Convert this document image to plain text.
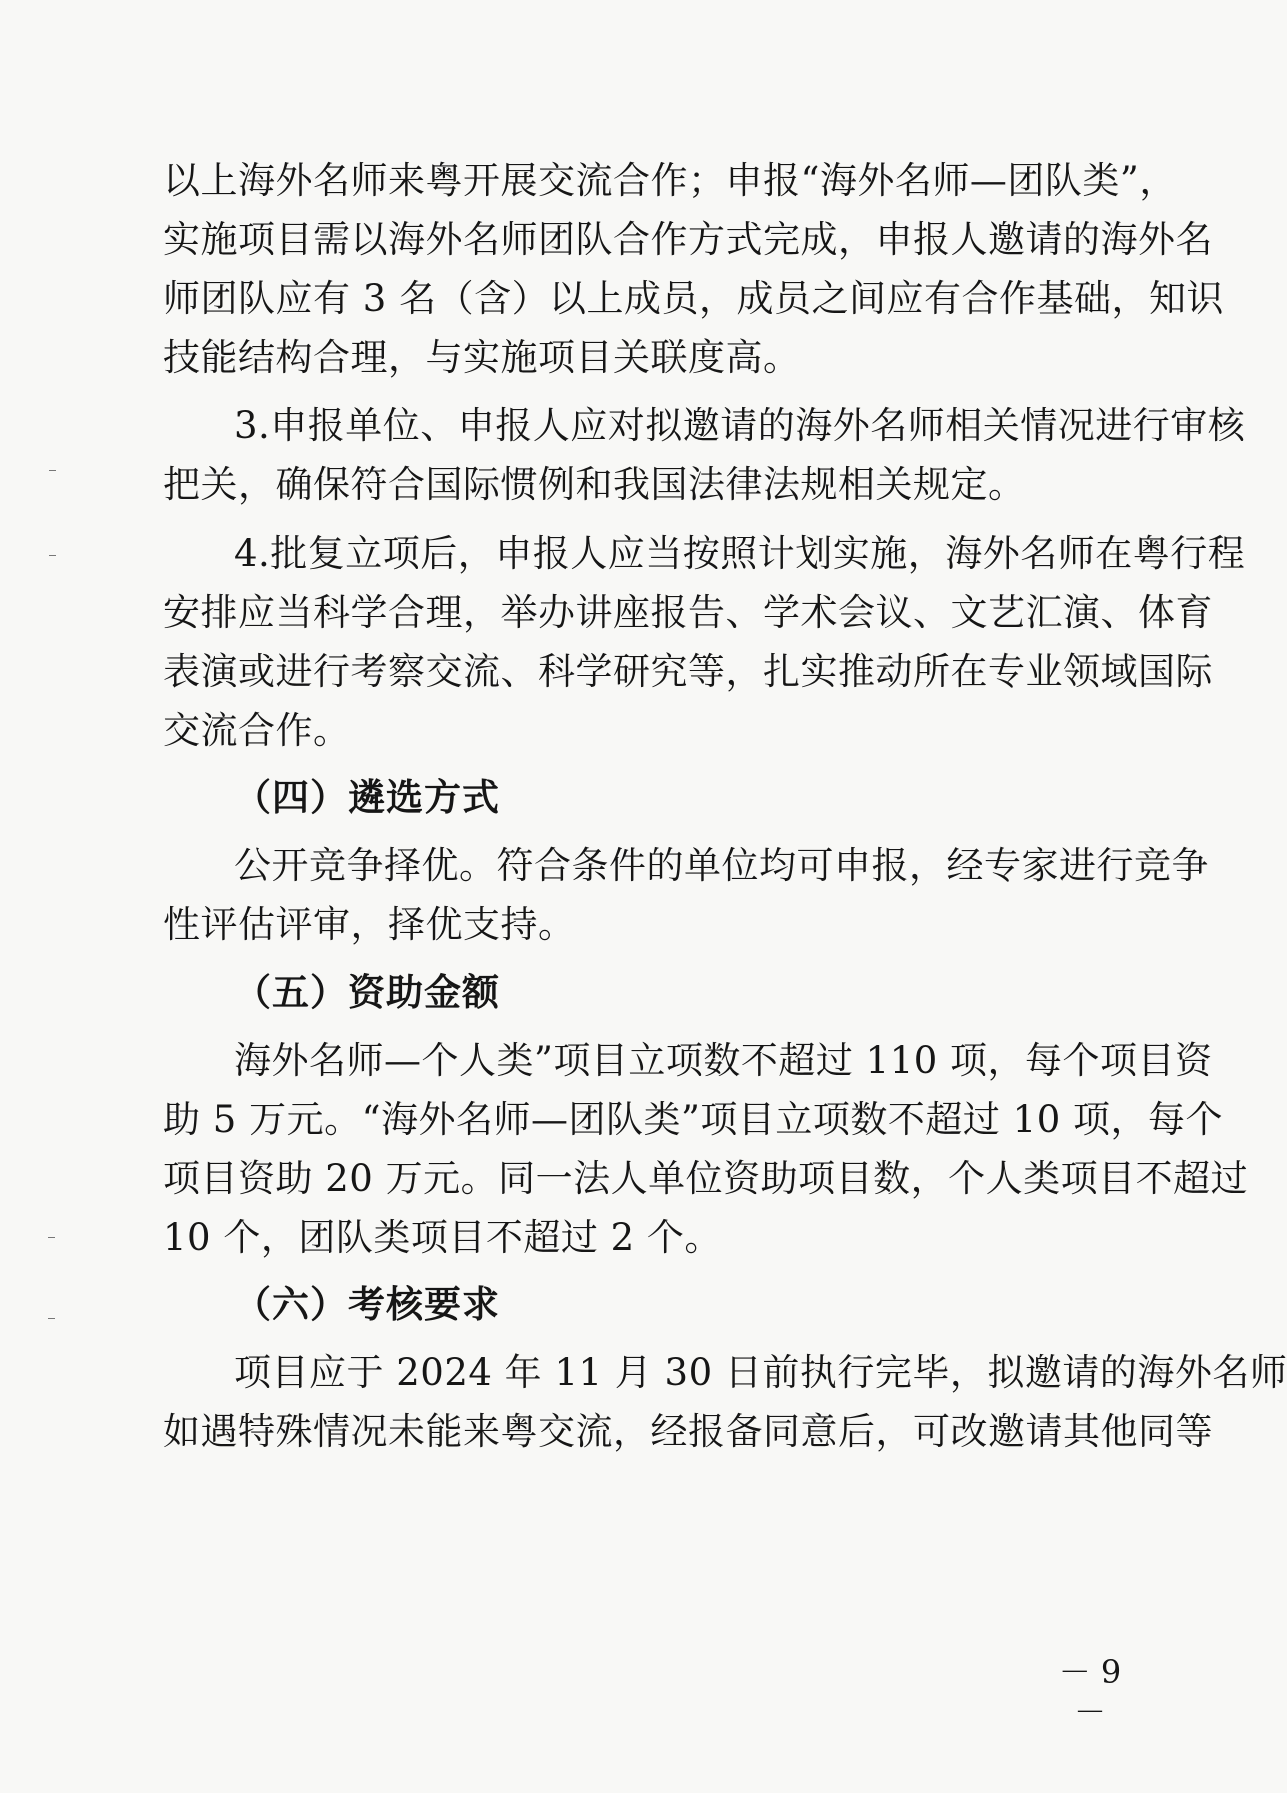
以上海外名师来粤开展交流合作；申报“海外名师—团队类”，
实施项目需以海外名师团队合作方式完成，申报人邀请的海外名
师团队应有 3 名（含）以上成员，成员之间应有合作基础，知识
技能结构合理，与实施项目关联度高。
3.申报单位、申报人应对拟邀请的海外名师相关情况进行审核
把关，确保符合国际惯例和我国法律法规相关规定。
4.批复立项后，申报人应当按照计划实施，海外名师在粤行程
安排应当科学合理，举办讲座报告、学术会议、文艺汇演、体育
表演或进行考察交流、科学研究等，扎实推动所在专业领域国际
交流合作。
（四）遴选方式
公开竞争择优。符合条件的单位均可申报，经专家进行竞争
性评估评审，择优支持。
（五）资助金额
海外名师—个人类”项目立项数不超过 110 项，每个项目资
助 5 万元。“海外名师—团队类”项目立项数不超过 10 项，每个
项目资助 20 万元。同一法人单位资助项目数，个人类项目不超过
10 个，团队类项目不超过 2 个。
（六）考核要求
项目应于 2024 年 11 月 30 日前执行完毕，拟邀请的海外名师
如遇特殊情况未能来粤交流，经报备同意后，可改邀请其他同等
－ 9 －
